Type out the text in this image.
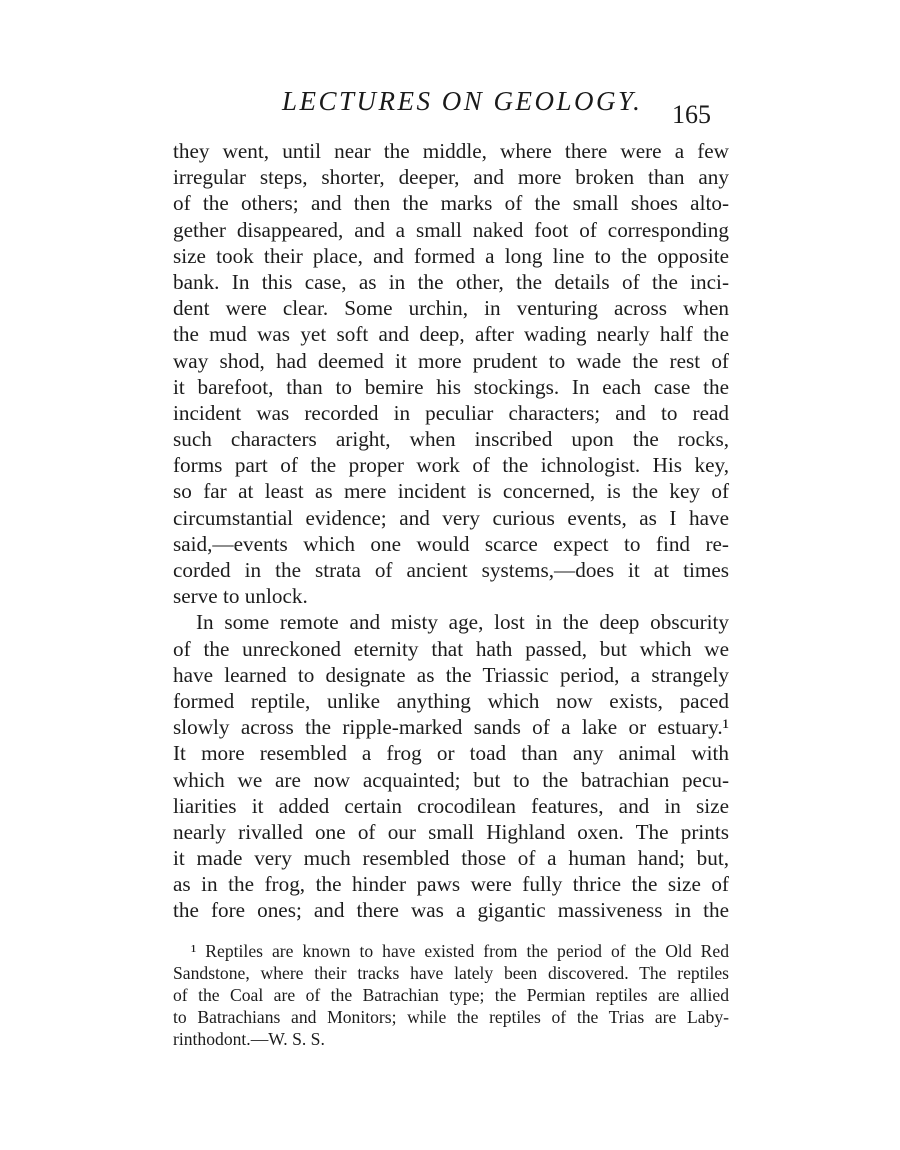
LECTURES ON GEOLOGY. 165
they went, until near the middle, where there were a few
irregular steps, shorter, deeper, and more broken than any
of the others; and then the marks of the small shoes alto-
gether disappeared, and a small naked foot of corresponding
size took their place, and formed a long line to the opposite
bank. In this case, as in the other, the details of the inci-
dent were clear. Some urchin, in venturing across when
the mud was yet soft and deep, after wading nearly half the
way shod, had deemed it more prudent to wade the rest of
it barefoot, than to bemire his stockings. In each case the
incident was recorded in peculiar characters; and to read
such characters aright, when inscribed upon the rocks,
forms part of the proper work of the ichnologist. His key,
so far at least as mere incident is concerned, is the key of
circumstantial evidence; and very curious events, as I have
said,—events which one would scarce expect to find re-
corded in the strata of ancient systems,—does it at times
serve to unlock.
In some remote and misty age, lost in the deep obscurity
of the unreckoned eternity that hath passed, but which we
have learned to designate as the Triassic period, a strangely
formed reptile, unlike anything which now exists, paced
slowly across the ripple-marked sands of a lake or estuary.¹
It more resembled a frog or toad than any animal with
which we are now acquainted; but to the batrachian pecu-
liarities it added certain crocodilean features, and in size
nearly rivalled one of our small Highland oxen. The prints
it made very much resembled those of a human hand; but,
as in the frog, the hinder paws were fully thrice the size of
the fore ones; and there was a gigantic massiveness in the
¹ Reptiles are known to have existed from the period of the Old Red
Sandstone, where their tracks have lately been discovered. The reptiles
of the Coal are of the Batrachian type; the Permian reptiles are allied
to Batrachians and Monitors; while the reptiles of the Trias are Laby-
rinthodont.—W. S. S.
